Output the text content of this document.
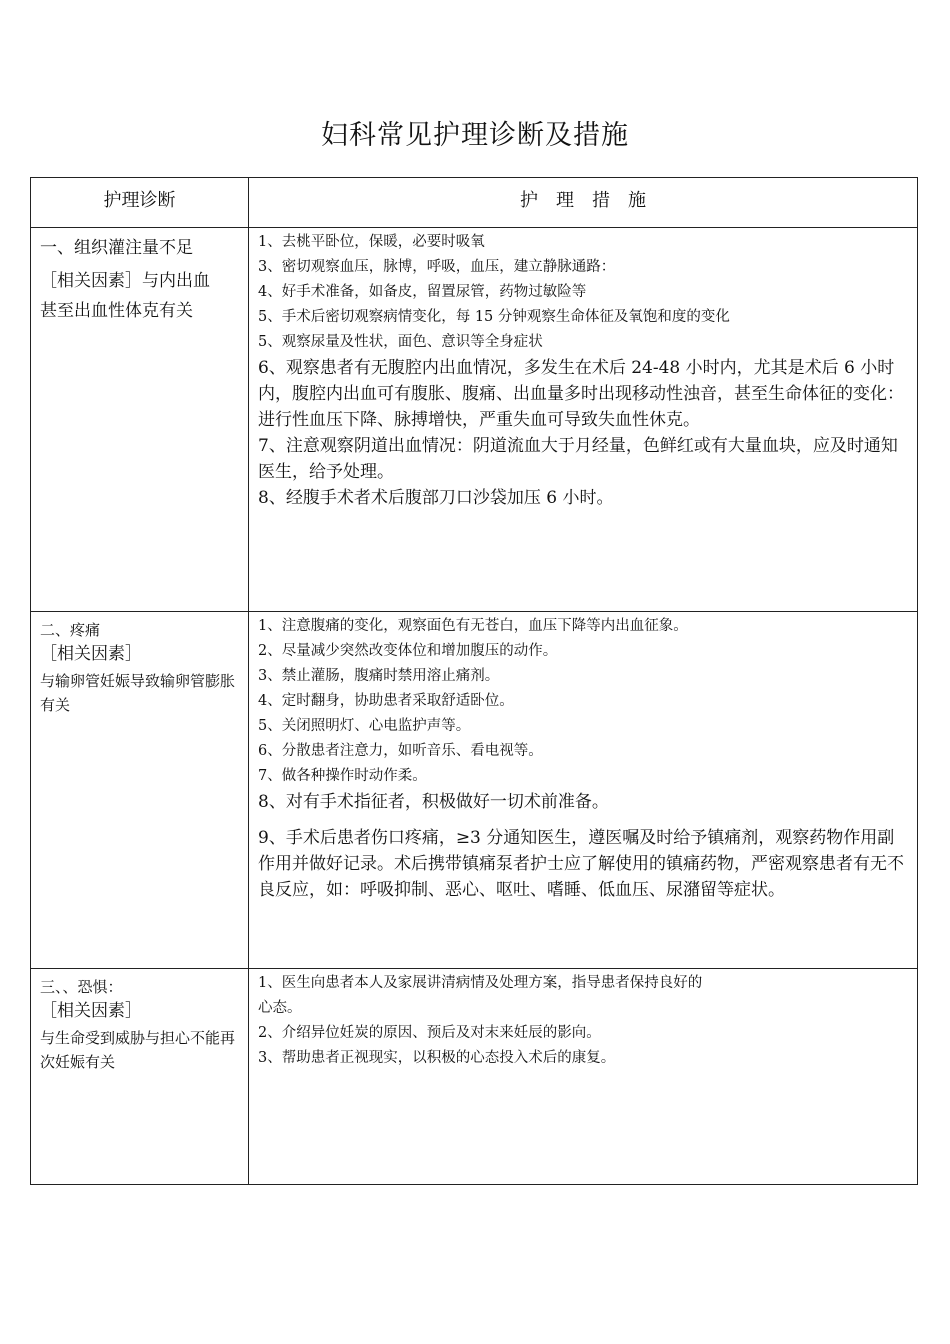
妇科常见护理诊断及措施
护理诊断	护　理　措　施
一、组织灌注量不足
［相关因素］与内出血
甚至出血性体克有关
1、去桃平卧位，保暖，必要时吸氧
3、密切观察血压，脉博，呼吸，血压，建立静脉通路：
4、好手术准备，如备皮，留置尿管，药物过敏险等
5、手术后密切观察病情变化，每 15 分钟观察生命体征及氧饱和度的变化
5、观察尿量及性状，面色、意识等全身症状
6、观察患者有无腹腔内出血情况，多发生在术后 24-48 小时内，尤其是术后 6 小时内，腹腔内出血可有腹胀、腹痛、出血量多时出现移动性浊音，甚至生命体征的变化：进行性血压下降、脉搏增快，严重失血可导致失血性休克。
7、注意观察阴道出血情况：阴道流血大于月经量，色鲜红或有大量血块，应及时通知医生，给予处理。
8、经腹手术者术后腹部刀口沙袋加压 6 小时。
二、疼痛
［相关因素］
与输卵管妊娠导致输卵管膨胀有关
1、注意腹痛的变化，观察面色有无苍白，血压下降等内出血征象。
2、尽量减少突然改变体位和增加腹压的动作。
3、禁止灌肠，腹痛时禁用溶止痛剂。
4、定时翻身，协助患者采取舒适卧位。
5、关闭照明灯、心电监护声等。
6、分散患者注意力，如听音乐、看电视等。
7、做各种操作时动作柔。
8、对有手术指征者，积极做好一切术前准备。
9、手术后患者伤口疼痛，≥3 分通知医生，遵医嘱及时给予镇痛剂，观察药物作用副作用并做好记录。术后携带镇痛泵者护士应了解使用的镇痛药物，严密观察患者有无不良反应，如：呼吸抑制、恶心、呕吐、嗜睡、低血压、尿潴留等症状。
三、、恐惧：
［相关因素］
与生命受到威胁与担心不能再次妊娠有关
1、医生向患者本人及家展讲清病情及处理方案，指导患者保持良好的
心态。
2、介绍异位妊炭的原因、预后及对末来妊辰的影向。
3、帮助患者正视现实，以积极的心态投入术后的康复。
